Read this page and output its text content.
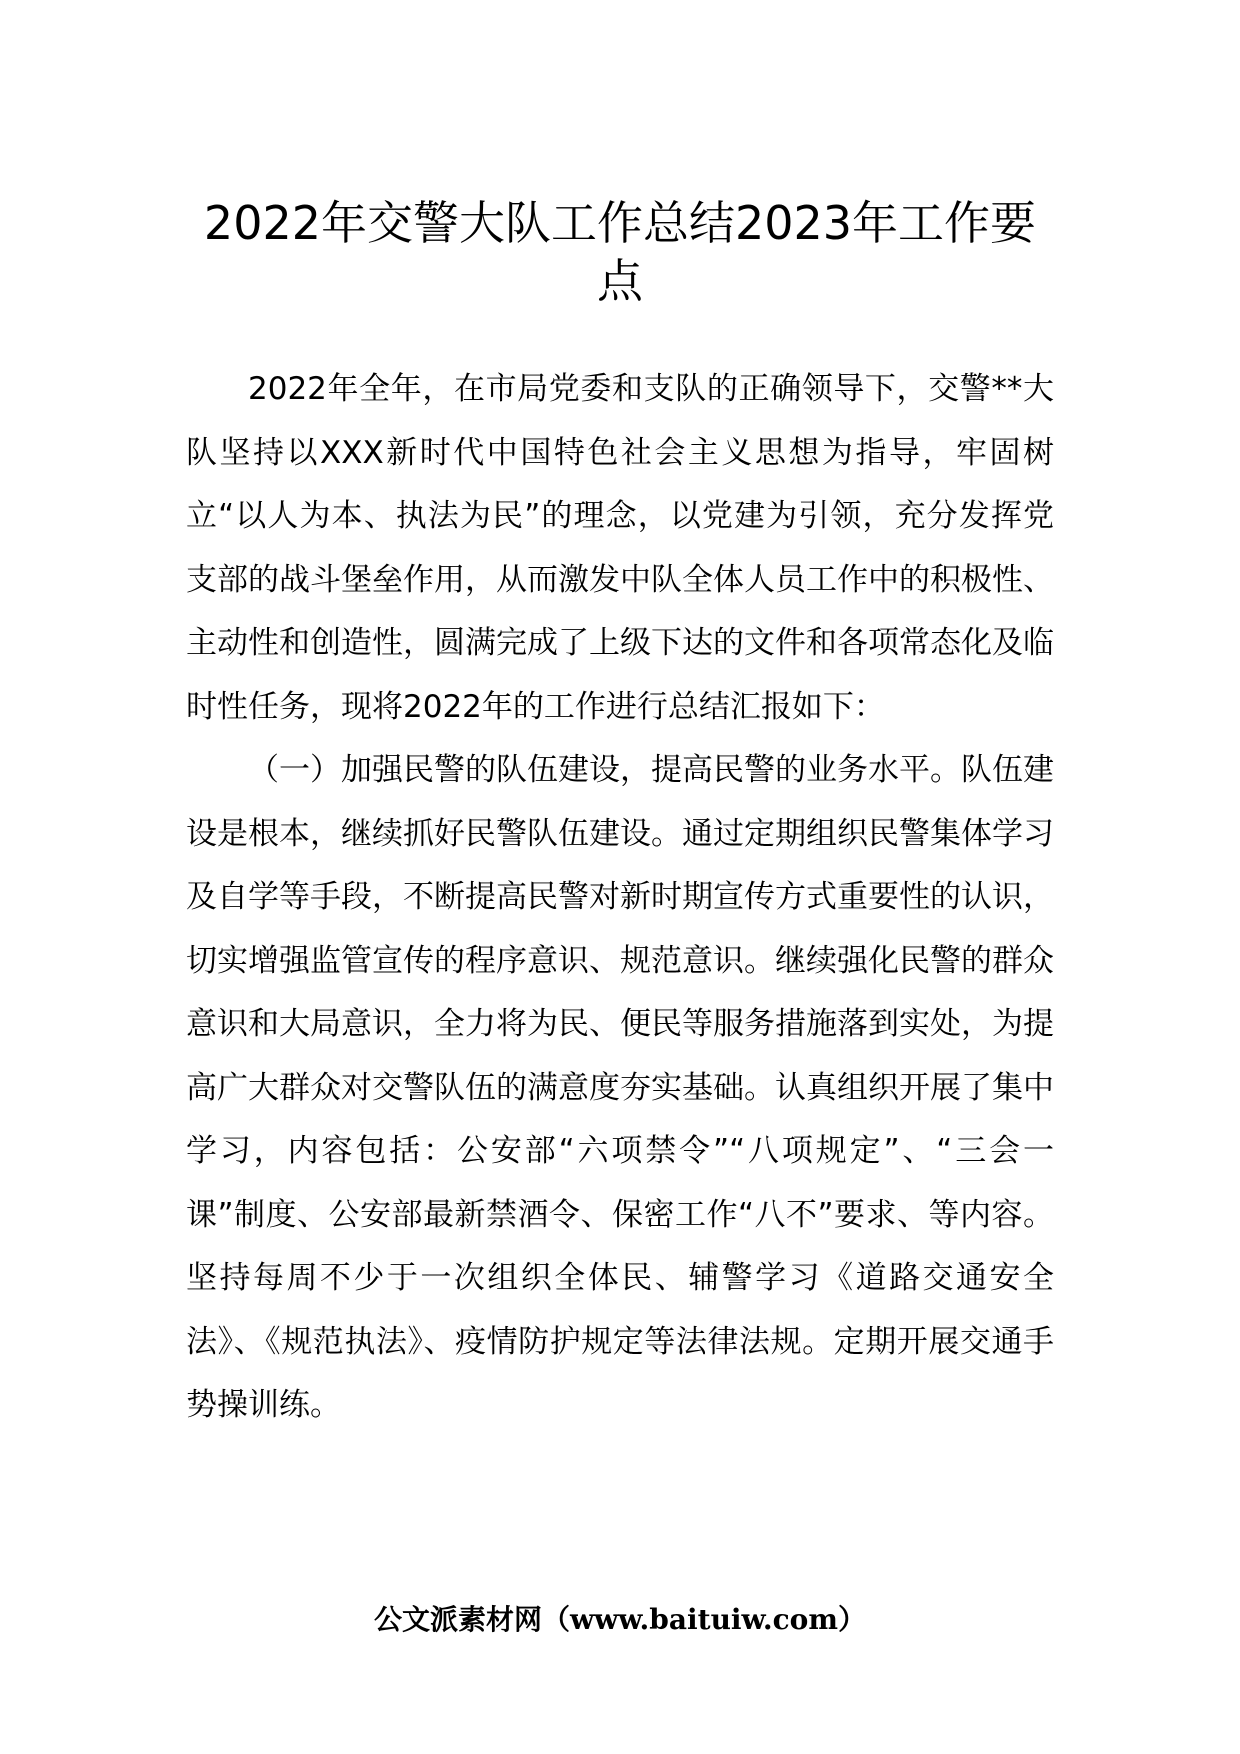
2022年交警大队工作总结2023年工作要点

2022年全年，在市局党委和支队的正确领导下，交警**大队坚持以XXX新时代中国特色社会主义思想为指导，牢固树立“以人为本、执法为民”的理念，以党建为引领，充分发挥党支部的战斗堡垒作用，从而激发中队全体人员工作中的积极性、主动性和创造性，圆满完成了上级下达的文件和各项常态化及临时性任务，现将2022年的工作进行总结汇报如下：

（一）加强民警的队伍建设，提高民警的业务水平。队伍建设是根本，继续抓好民警队伍建设。通过定期组织民警集体学习及自学等手段，不断提高民警对新时期宣传方式重要性的认识，切实增强监管宣传的程序意识、规范意识。继续强化民警的群众意识和大局意识，全力将为民、便民等服务措施落到实处，为提高广大群众对交警队伍的满意度夯实基础。认真组织开展了集中学习，内容包括：公安部“六项禁令”“八项规定”、“三会一课”制度、公安部最新禁酒令、保密工作“八不”要求、等内容。坚持每周不少于一次组织全体民、辅警学习《道路交通安全法》、《规范执法》、疫情防护规定等法律法规。定期开展交通手势操训练。

公文派素材网（www.baituiw.com）
